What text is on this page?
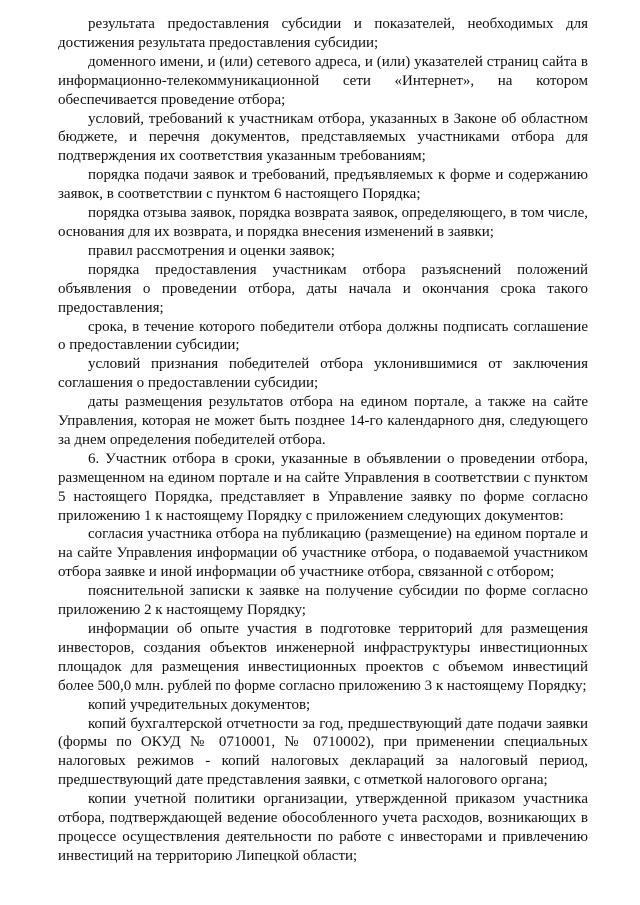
результата предоставления субсидии и показателей, необходимых для достижения результата предоставления субсидии;

доменного имени, и (или) сетевого адреса, и (или) указателей страниц сайта в информационно-телекоммуникационной сети «Интернет», на котором обеспечивается проведение отбора;

условий, требований к участникам отбора, указанных в Законе об областном бюджете, и перечня документов, представляемых участниками отбора для подтверждения их соответствия указанным требованиям;

порядка подачи заявок и требований, предъявляемых к форме и содержанию заявок, в соответствии с пунктом 6 настоящего Порядка;

порядка отзыва заявок, порядка возврата заявок, определяющего, в том числе, основания для их возврата, и порядка внесения изменений в заявки;

правил рассмотрения и оценки заявок;

порядка предоставления участникам отбора разъяснений положений объявления о проведении отбора, даты начала и окончания срока такого предоставления;

срока, в течение которого победители отбора должны подписать соглашение о предоставлении субсидии;

условий признания победителей отбора уклонившимися от заключения соглашения о предоставлении субсидии;

даты размещения результатов отбора на едином портале, а также на сайте Управления, которая не может быть позднее 14-го календарного дня, следующего за днем определения победителей отбора.

6. Участник отбора в сроки, указанные в объявлении о проведении отбора, размещенном на едином портале и на сайте Управления в соответствии с пунктом 5 настоящего Порядка, представляет в Управление заявку по форме согласно приложению 1 к настоящему Порядку с приложением следующих документов:

согласия участника отбора на публикацию (размещение) на едином портале и на сайте Управления информации об участнике отбора, о подаваемой участником отбора заявке и иной информации об участнике отбора, связанной с отбором;

пояснительной записки к заявке на получение субсидии по форме согласно приложению 2 к настоящему Порядку;

информации об опыте участия в подготовке территорий для размещения инвесторов, создания объектов инженерной инфраструктуры инвестиционных площадок для размещения инвестиционных проектов с объемом инвестиций более 500,0 млн. рублей по форме согласно приложению 3 к настоящему Порядку;

копий учредительных документов;

копий бухгалтерской отчетности за год, предшествующий дате подачи заявки (формы по ОКУД № 0710001, № 0710002), при применении специальных налоговых режимов - копий налоговых деклараций за налоговый период, предшествующий дате представления заявки, с отметкой налогового органа;

копии учетной политики организации, утвержденной приказом участника отбора, подтверждающей ведение обособленного учета расходов, возникающих в процессе осуществления деятельности по работе с инвесторами и привлечению инвестиций на территорию Липецкой области;
